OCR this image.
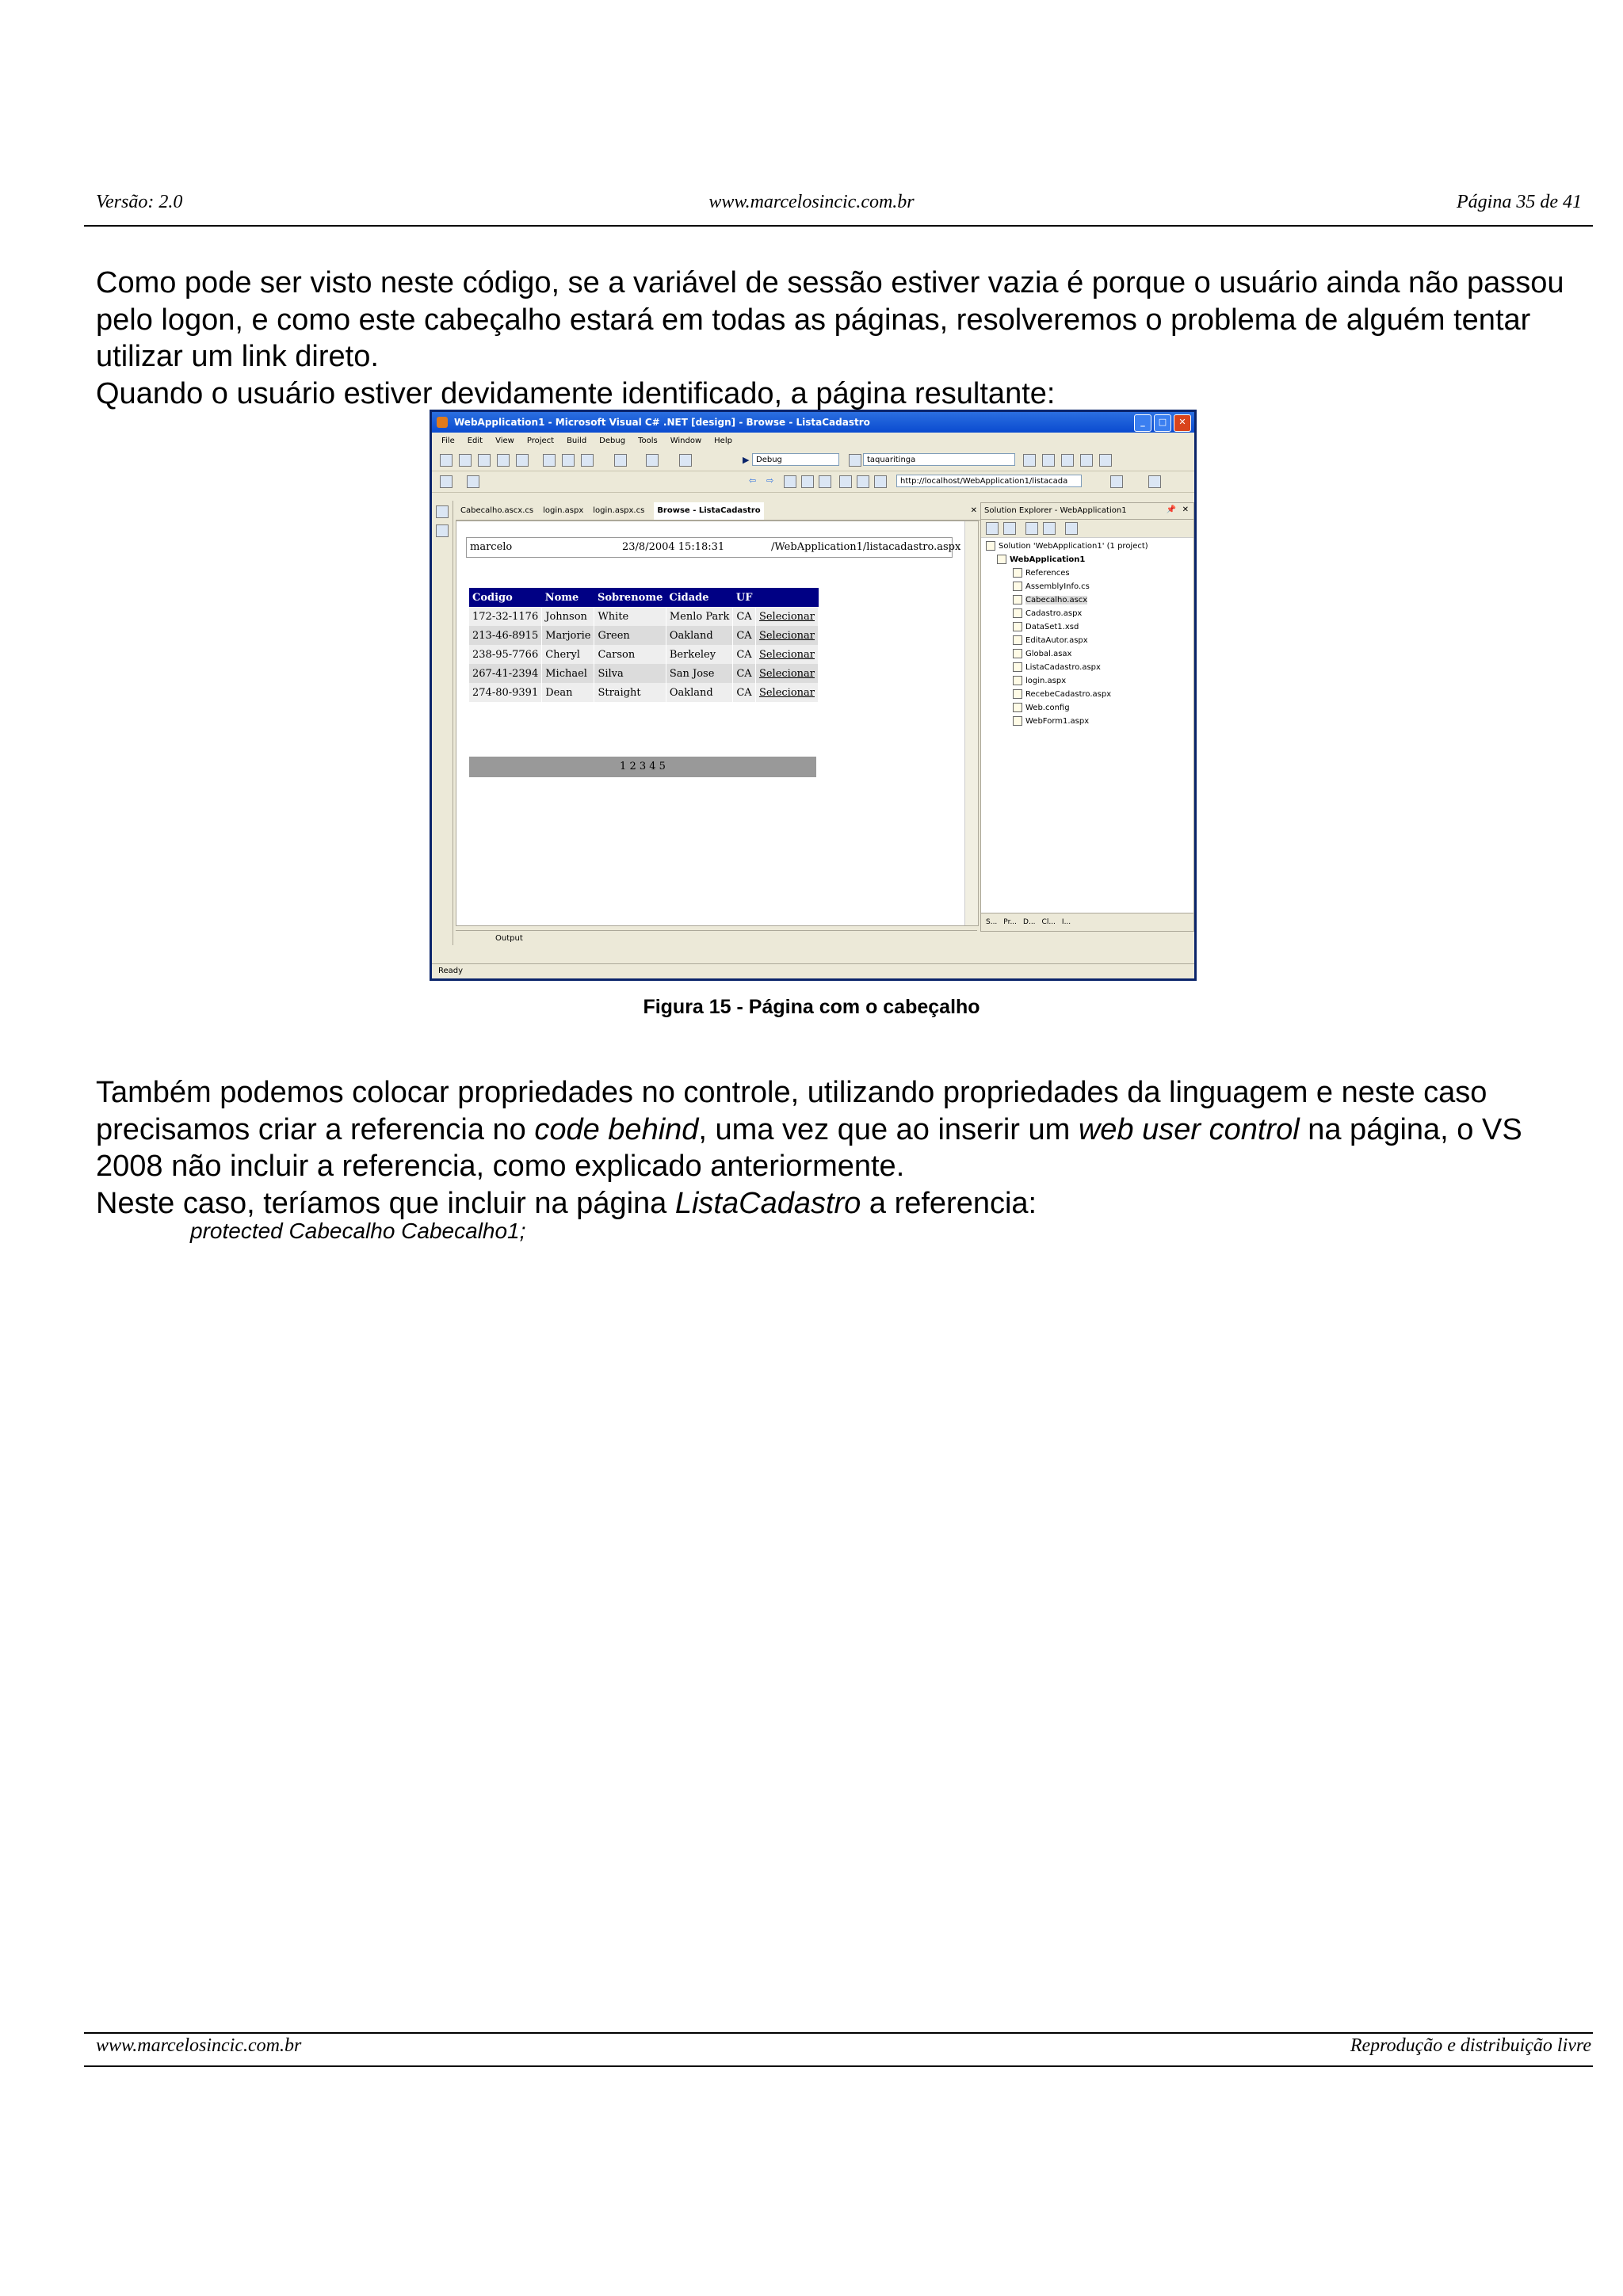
Versão: 2.0	www.marcelosincic.com.br	Página 35 de 41

Como pode ser visto neste código, se a variável de sessão estiver vazia é porque o usuário ainda não passou pelo logon, e como este cabeçalho estará em todas as páginas, resolveremos o problema de alguém tentar utilizar um link direto.

Quando o usuário estiver devidamente identificado, a página resultante:

WebApplication1 - Microsoft Visual C# .NET [design] - Browse - ListaCadastro	_	□	✕
File Edit View Project Build Debug Tools Window Help
▶ Debug	taquaritinga
⇦ ⇨	http://localhost/WebApplication1/listacada
Cabecalho.ascx.cs login.aspx login.aspx.cs	Browse - ListaCadastro	✕
marcelo	23/8/2004 15:18:31	/WebApplication1/listacadastro.aspx
Codigo	Nome	Sobrenome	Cidade	UF	
172-32-1176	Johnson	White	Menlo Park	CA	Selecionar
213-46-8915	Marjorie	Green	Oakland	CA	Selecionar
238-95-7766	Cheryl	Carson	Berkeley	CA	Selecionar
267-41-2394	Michael	Silva	San Jose	CA	Selecionar
274-80-9391	Dean	Straight	Oakland	CA	Selecionar
1 2 3 4 5
Solution Explorer - WebApplication1	📌 ✕
Solution 'WebApplication1' (1 project)
WebApplication1
References
AssemblyInfo.cs
Cabecalho.ascx
Cadastro.aspx
DataSet1.xsd
EditaAutor.aspx
Global.asax
ListaCadastro.aspx
login.aspx
RecebeCadastro.aspx
Web.config
WebForm1.aspx
S... Pr... D... Cl... I...
Output
Ready
Figura 15 - Página com o cabeçalho

Também podemos colocar propriedades no controle, utilizando propriedades da linguagem e neste caso precisamos criar a referencia no code behind, uma vez que ao inserir um web user control na página, o VS 2008 não incluir a referencia, como explicado anteriormente.

Neste caso, teríamos que incluir na página ListaCadastro a referencia:

protected Cabecalho Cabecalho1;
www.marcelosincic.com.br	Reprodução e distribuição livre
